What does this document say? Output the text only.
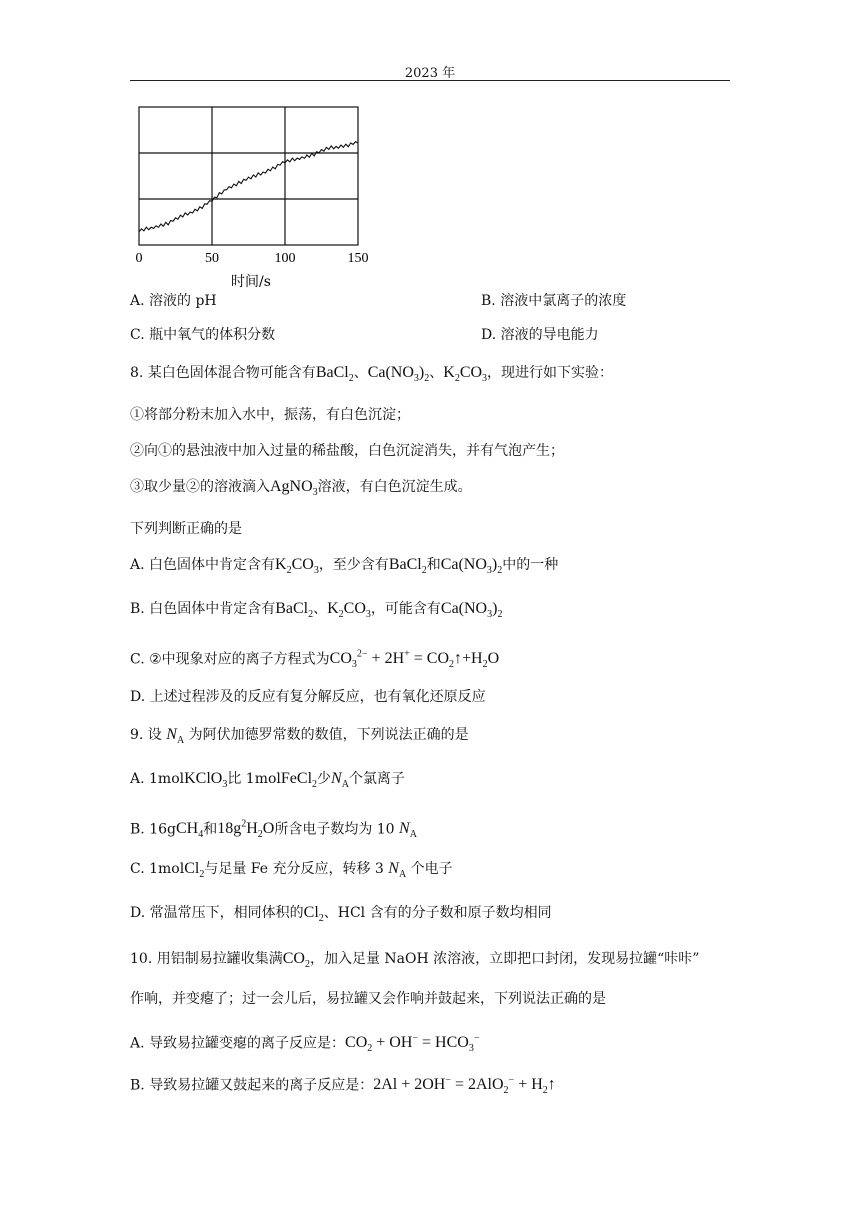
2023 年
0	50	100	150
时间/s
A. 溶液的 pH	B. 溶液中氯离子的浓度
C. 瓶中氧气的体积分数	D. 溶液的导电能力
8. 某白色固体混合物可能含有BaCl$_2$、$Ca(NO_3)_2$、$K_2CO_3$，现进行如下实验：
①将部分粉末加入水中，振荡，有白色沉淀；
②向①的悬浊液中加入过量的稀盐酸，白色沉淀消失，并有气泡产生；
③取少量②的溶液滴入AgNO$_3$溶液，有白色沉淀生成。
下列判断正确的是
A. 白色固体中肯定含有$K_2CO_3$，至少含有BaCl$_2$和$Ca(NO_3)_2$中的一种
B. 白色固体中肯定含有BaCl$_2$、$K_2CO_3$，可能含有$Ca(NO_3)_2$
C. ②中现象对应的离子方程式为$CO_3^{2-} + 2H^+$ = $CO_2↑+H_2O$
D. 上述过程涉及的反应有复分解反应，也有氧化还原反应
9. 设 $N_A$ 为阿伏加德罗常数的数值，下列说法正确的是
A. 1molKClO$_3$比 1molFeCl$_2$少$N_A$个氯离子
B. 16gCH$_4$和$18g^2H_2O$所含电子数均为 10 $N_A$
C. 1molCl$_2$与足量 Fe 充分反应，转移 3 $N_A$ 个电子
D. 常温常压下，相同体积的$Cl_2$、HCl 含有的分子数和原子数均相同
10. 用铝制易拉罐收集满$CO_2$，加入足量 NaOH 浓溶液，立即把口封闭，发现易拉罐“咔咔”
作响，并变瘪了；过一会儿后，易拉罐又会作响并鼓起来，下列说法正确的是
A. 导致易拉罐变瘪的离子反应是：$CO_2 + OH^- = HCO_3^-$
B. 导致易拉罐又鼓起来的离子反应是：$2Al + 2OH^- = 2AlO_2^- + H_2↑$
